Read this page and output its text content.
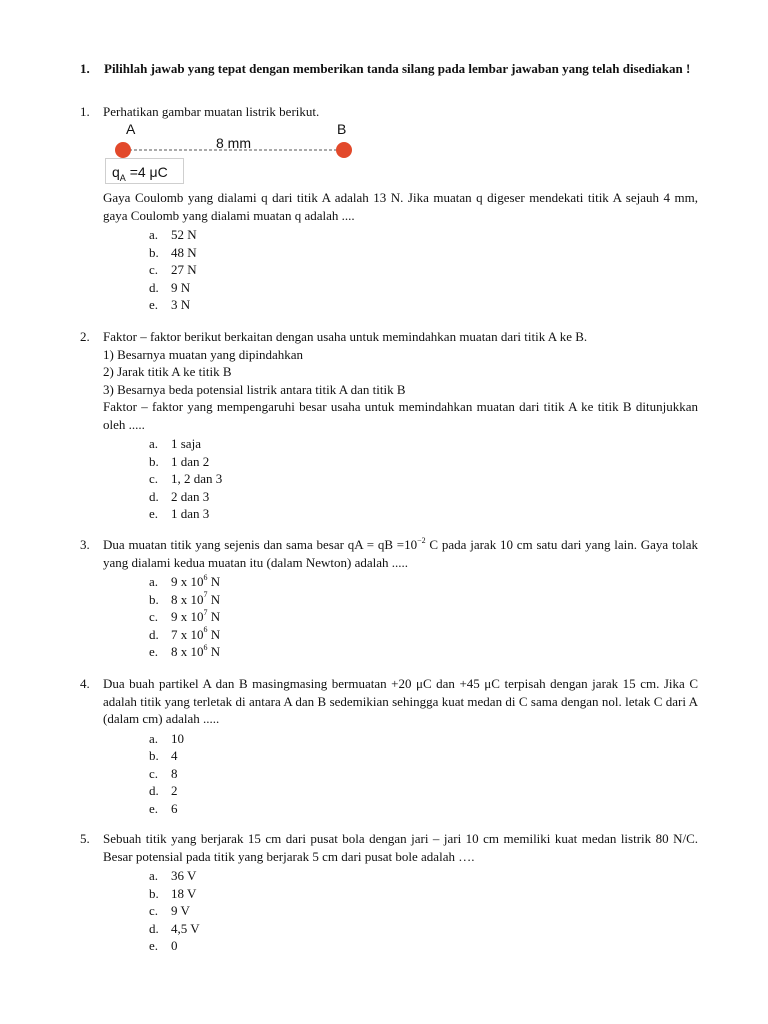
1. Pilihlah jawab yang tepat dengan memberikan tanda silang pada lembar jawaban yang telah disediakan !
1. Perhatikan gambar muatan listrik berikut.
A	B
8 mm
$q_A =4$ μC
Gaya Coulomb yang dialami q dari titik A adalah 13 N. Jika muatan q digeser mendekati titik A sejauh 4 mm, gaya Coulomb yang dialami muatan q adalah ....
a. 52 N
b. 48 N
c. 27 N
d. 9 N
e. 3 N
2. Faktor – faktor berikut berkaitan dengan usaha untuk memindahkan muatan dari titik A ke B.
1) Besarnya muatan yang dipindahkan
2) Jarak titik A ke titik B
3) Besarnya beda potensial listrik antara titik A dan titik B
Faktor – faktor yang mempengaruhi besar usaha untuk memindahkan muatan dari titik A ke titik B ditunjukkan oleh .....
a. 1 saja
b. 1 dan 2
c. 1, 2 dan 3
d. 2 dan 3
e. 1 dan 3
3. Dua muatan titik yang sejenis dan sama besar qA = qB $=10^{-2}$ C pada jarak 10 cm satu dari yang lain. Gaya tolak yang dialami kedua muatan itu (dalam Newton) adalah .....
a. 9 x $10^6$ N
b. 8 x $10^7$ N
c. 9 x $10^7$ N
d. 7 x $10^6$ N
e. 8 x $10^6$ N
4. Dua buah partikel A dan B masingmasing bermuatan +20 μC dan +45 μC terpisah dengan jarak 15 cm. Jika C adalah titik yang terletak di antara A dan B sedemikian sehingga kuat medan di C sama dengan nol. letak C dari A (dalam cm) adalah .....
a. 10
b. 4
c. 8
d. 2
e. 6
5. Sebuah titik yang berjarak 15 cm dari pusat bola dengan jari – jari 10 cm memiliki kuat medan listrik 80 N/C. Besar potensial pada titik yang berjarak 5 cm dari pusat bole adalah ….
a. 36 V
b. 18 V
c. 9 V
d. 4,5 V
e. 0
